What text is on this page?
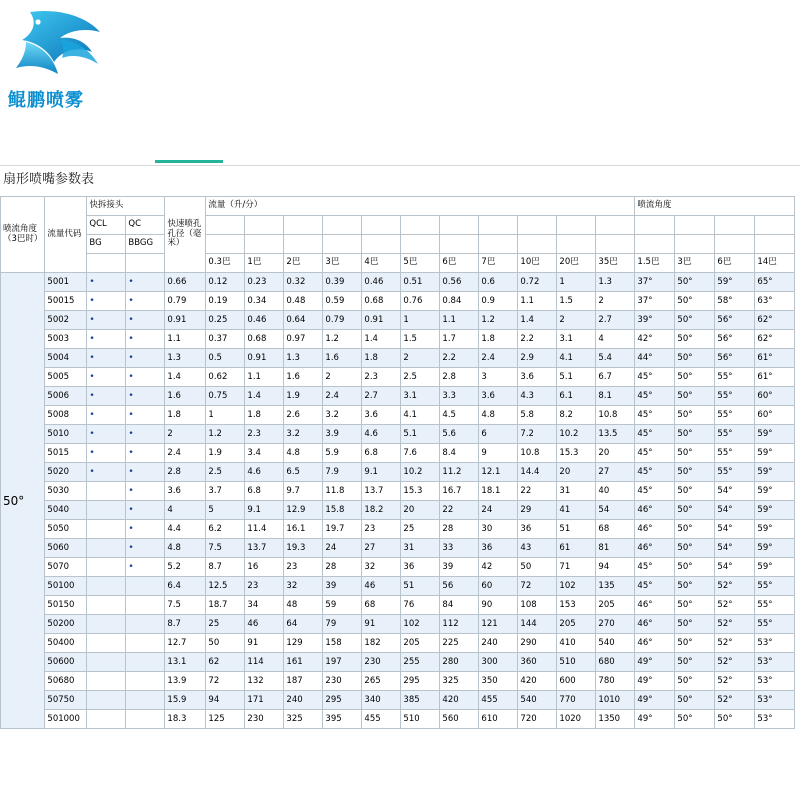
鲲鹏喷雾
扇形喷嘴参数表
喷流角度
（3巴时）	流量代码	快拆接头		快速喷孔
孔径（毫
米）	流量（升/分）											喷流角度			
		QCL	QC																
		BG	BBGG																
					0.3巴	1巴	2巴	3巴	4巴	5巴	6巴	7巴	10巴	20巴	35巴	1.5巴	3巴	6巴	14巴
50°	5001	•	•	0.66	0.12	0.23	0.32	0.39	0.46	0.51	0.56	0.6	0.72	1	1.3	37°	50°	59°	65°
	50015	•	•	0.79	0.19	0.34	0.48	0.59	0.68	0.76	0.84	0.9	1.1	1.5	2	37°	50°	58°	63°
	5002	•	•	0.91	0.25	0.46	0.64	0.79	0.91	1	1.1	1.2	1.4	2	2.7	39°	50°	56°	62°
	5003	•	•	1.1	0.37	0.68	0.97	1.2	1.4	1.5	1.7	1.8	2.2	3.1	4	42°	50°	56°	62°
	5004	•	•	1.3	0.5	0.91	1.3	1.6	1.8	2	2.2	2.4	2.9	4.1	5.4	44°	50°	56°	61°
	5005	•	•	1.4	0.62	1.1	1.6	2	2.3	2.5	2.8	3	3.6	5.1	6.7	45°	50°	55°	61°
	5006	•	•	1.6	0.75	1.4	1.9	2.4	2.7	3.1	3.3	3.6	4.3	6.1	8.1	45°	50°	55°	60°
	5008	•	•	1.8	1	1.8	2.6	3.2	3.6	4.1	4.5	4.8	5.8	8.2	10.8	45°	50°	55°	60°
	5010	•	•	2	1.2	2.3	3.2	3.9	4.6	5.1	5.6	6	7.2	10.2	13.5	45°	50°	55°	59°
	5015	•	•	2.4	1.9	3.4	4.8	5.9	6.8	7.6	8.4	9	10.8	15.3	20	45°	50°	55°	59°
	5020	•	•	2.8	2.5	4.6	6.5	7.9	9.1	10.2	11.2	12.1	14.4	20	27	45°	50°	55°	59°
	5030		•	3.6	3.7	6.8	9.7	11.8	13.7	15.3	16.7	18.1	22	31	40	45°	50°	54°	59°
	5040		•	4	5	9.1	12.9	15.8	18.2	20	22	24	29	41	54	46°	50°	54°	59°
	5050		•	4.4	6.2	11.4	16.1	19.7	23	25	28	30	36	51	68	46°	50°	54°	59°
	5060		•	4.8	7.5	13.7	19.3	24	27	31	33	36	43	61	81	46°	50°	54°	59°
	5070		•	5.2	8.7	16	23	28	32	36	39	42	50	71	94	45°	50°	54°	59°
	50100			6.4	12.5	23	32	39	46	51	56	60	72	102	135	45°	50°	52°	55°
	50150			7.5	18.7	34	48	59	68	76	84	90	108	153	205	46°	50°	52°	55°
	50200			8.7	25	46	64	79	91	102	112	121	144	205	270	46°	50°	52°	55°
	50400			12.7	50	91	129	158	182	205	225	240	290	410	540	46°	50°	52°	53°
	50600			13.1	62	114	161	197	230	255	280	300	360	510	680	49°	50°	52°	53°
	50680			13.9	72	132	187	230	265	295	325	350	420	600	780	49°	50°	52°	53°
	50750			15.9	94	171	240	295	340	385	420	455	540	770	1010	49°	50°	52°	53°
	501000			18.3	125	230	325	395	455	510	560	610	720	1020	1350	49°	50°	50°	53°
